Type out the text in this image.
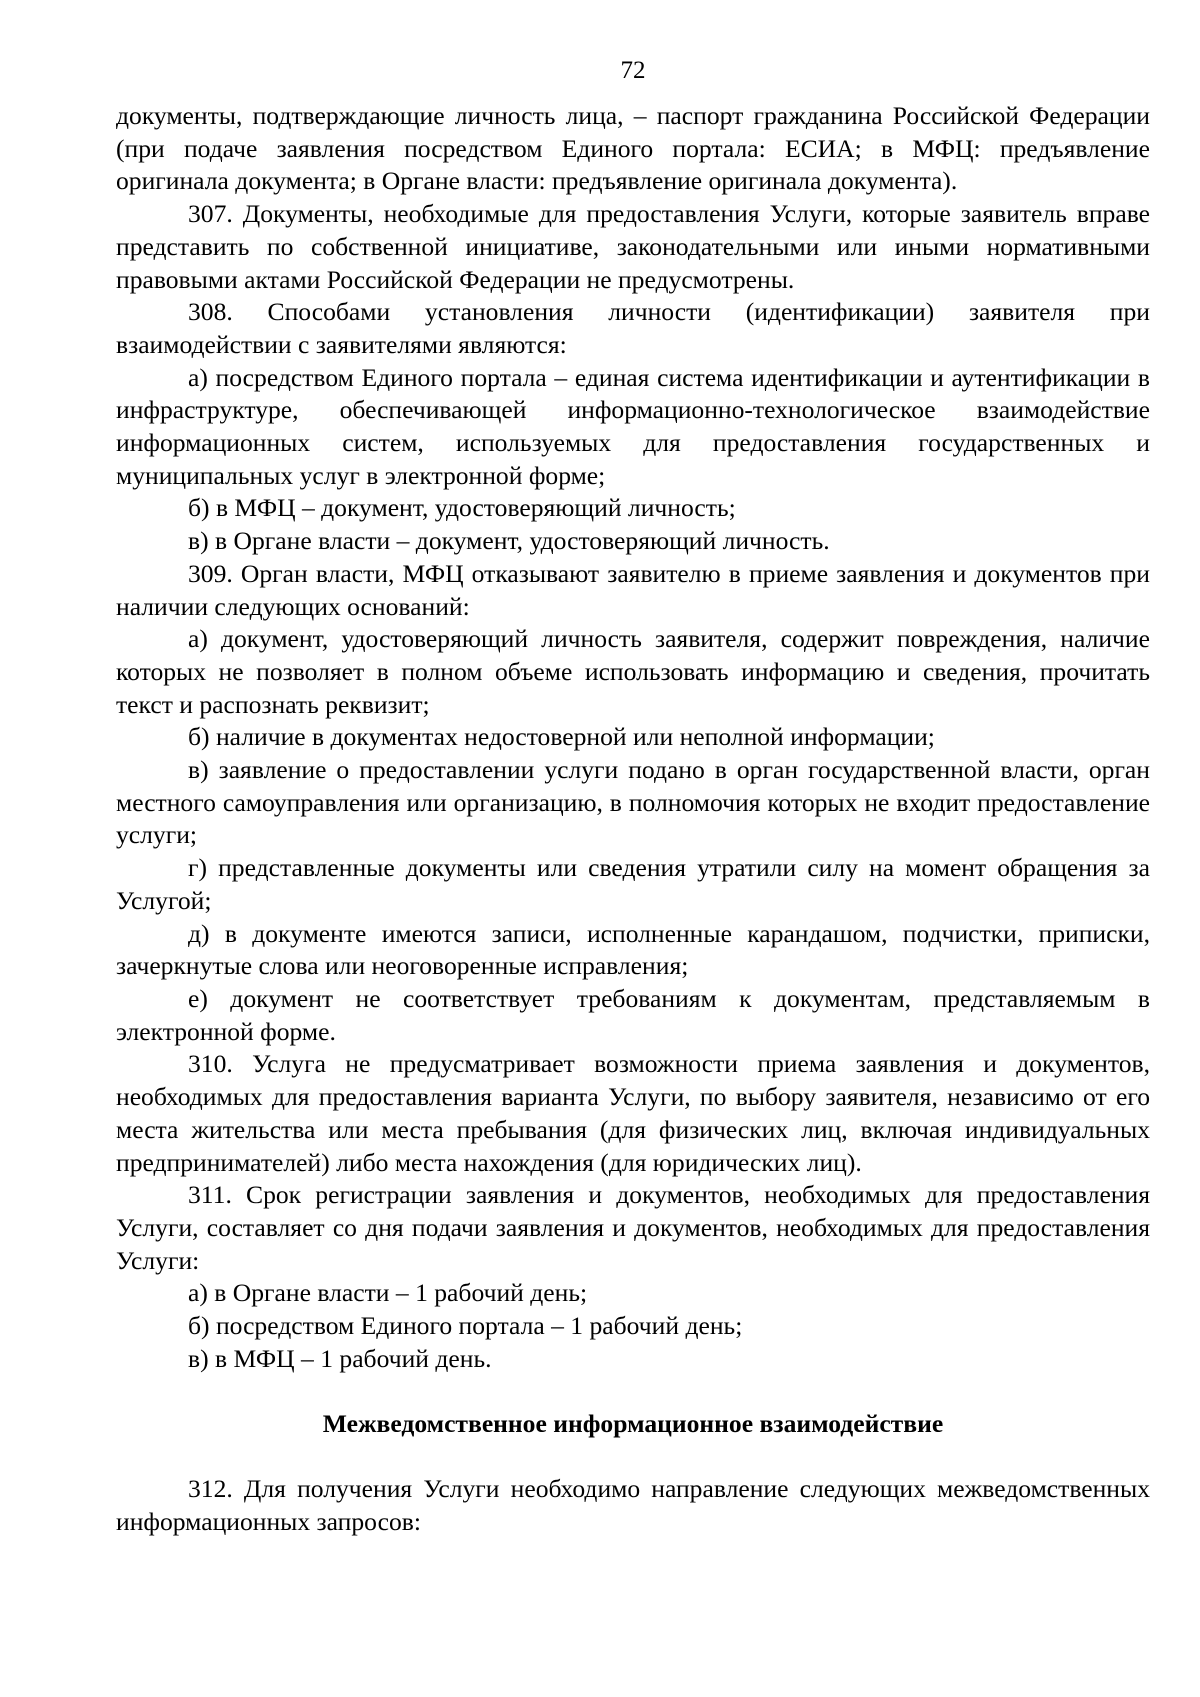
72

документы, подтверждающие личность лица, – паспорт гражданина Российской Федерации (при подаче заявления посредством Единого портала: ЕСИА; в МФЦ: предъявление оригинала документа; в Органе власти: предъявление оригинала документа).

307. Документы, необходимые для предоставления Услуги, которые заявитель вправе представить по собственной инициативе, законодательными или иными нормативными правовыми актами Российской Федерации не предусмотрены.

308. Способами установления личности (идентификации) заявителя при взаимодействии с заявителями являются:

а) посредством Единого портала – единая система идентификации и аутентификации в инфраструктуре, обеспечивающей информационно-технологическое взаимодействие информационных систем, используемых для предоставления государственных и муниципальных услуг в электронной форме;

б) в МФЦ – документ, удостоверяющий личность;

в) в Органе власти – документ, удостоверяющий личность.

309. Орган власти, МФЦ отказывают заявителю в приеме заявления и документов при наличии следующих оснований:

а) документ, удостоверяющий личность заявителя, содержит повреждения, наличие которых не позволяет в полном объеме использовать информацию и сведения, прочитать текст и распознать реквизит;

б) наличие в документах недостоверной или неполной информации;

в) заявление о предоставлении услуги подано в орган государственной власти, орган местного самоуправления или организацию, в полномочия которых не входит предоставление услуги;

г) представленные документы или сведения утратили силу на момент обращения за Услугой;

д) в документе имеются записи, исполненные карандашом, подчистки, приписки, зачеркнутые слова или неоговоренные исправления;

е) документ не соответствует требованиям к документам, представляемым в электронной форме.

310. Услуга не предусматривает возможности приема заявления и документов, необходимых для предоставления варианта Услуги, по выбору заявителя, независимо от его места жительства или места пребывания (для физических лиц, включая индивидуальных предпринимателей) либо места нахождения (для юридических лиц).

311. Срок регистрации заявления и документов, необходимых для предоставления Услуги, составляет со дня подачи заявления и документов, необходимых для предоставления Услуги:

а) в Органе власти – 1 рабочий день;

б) посредством Единого портала – 1 рабочий день;

в) в МФЦ – 1 рабочий день.

Межведомственное информационное взаимодействие

312. Для получения Услуги необходимо направление следующих межведомственных информационных запросов:
